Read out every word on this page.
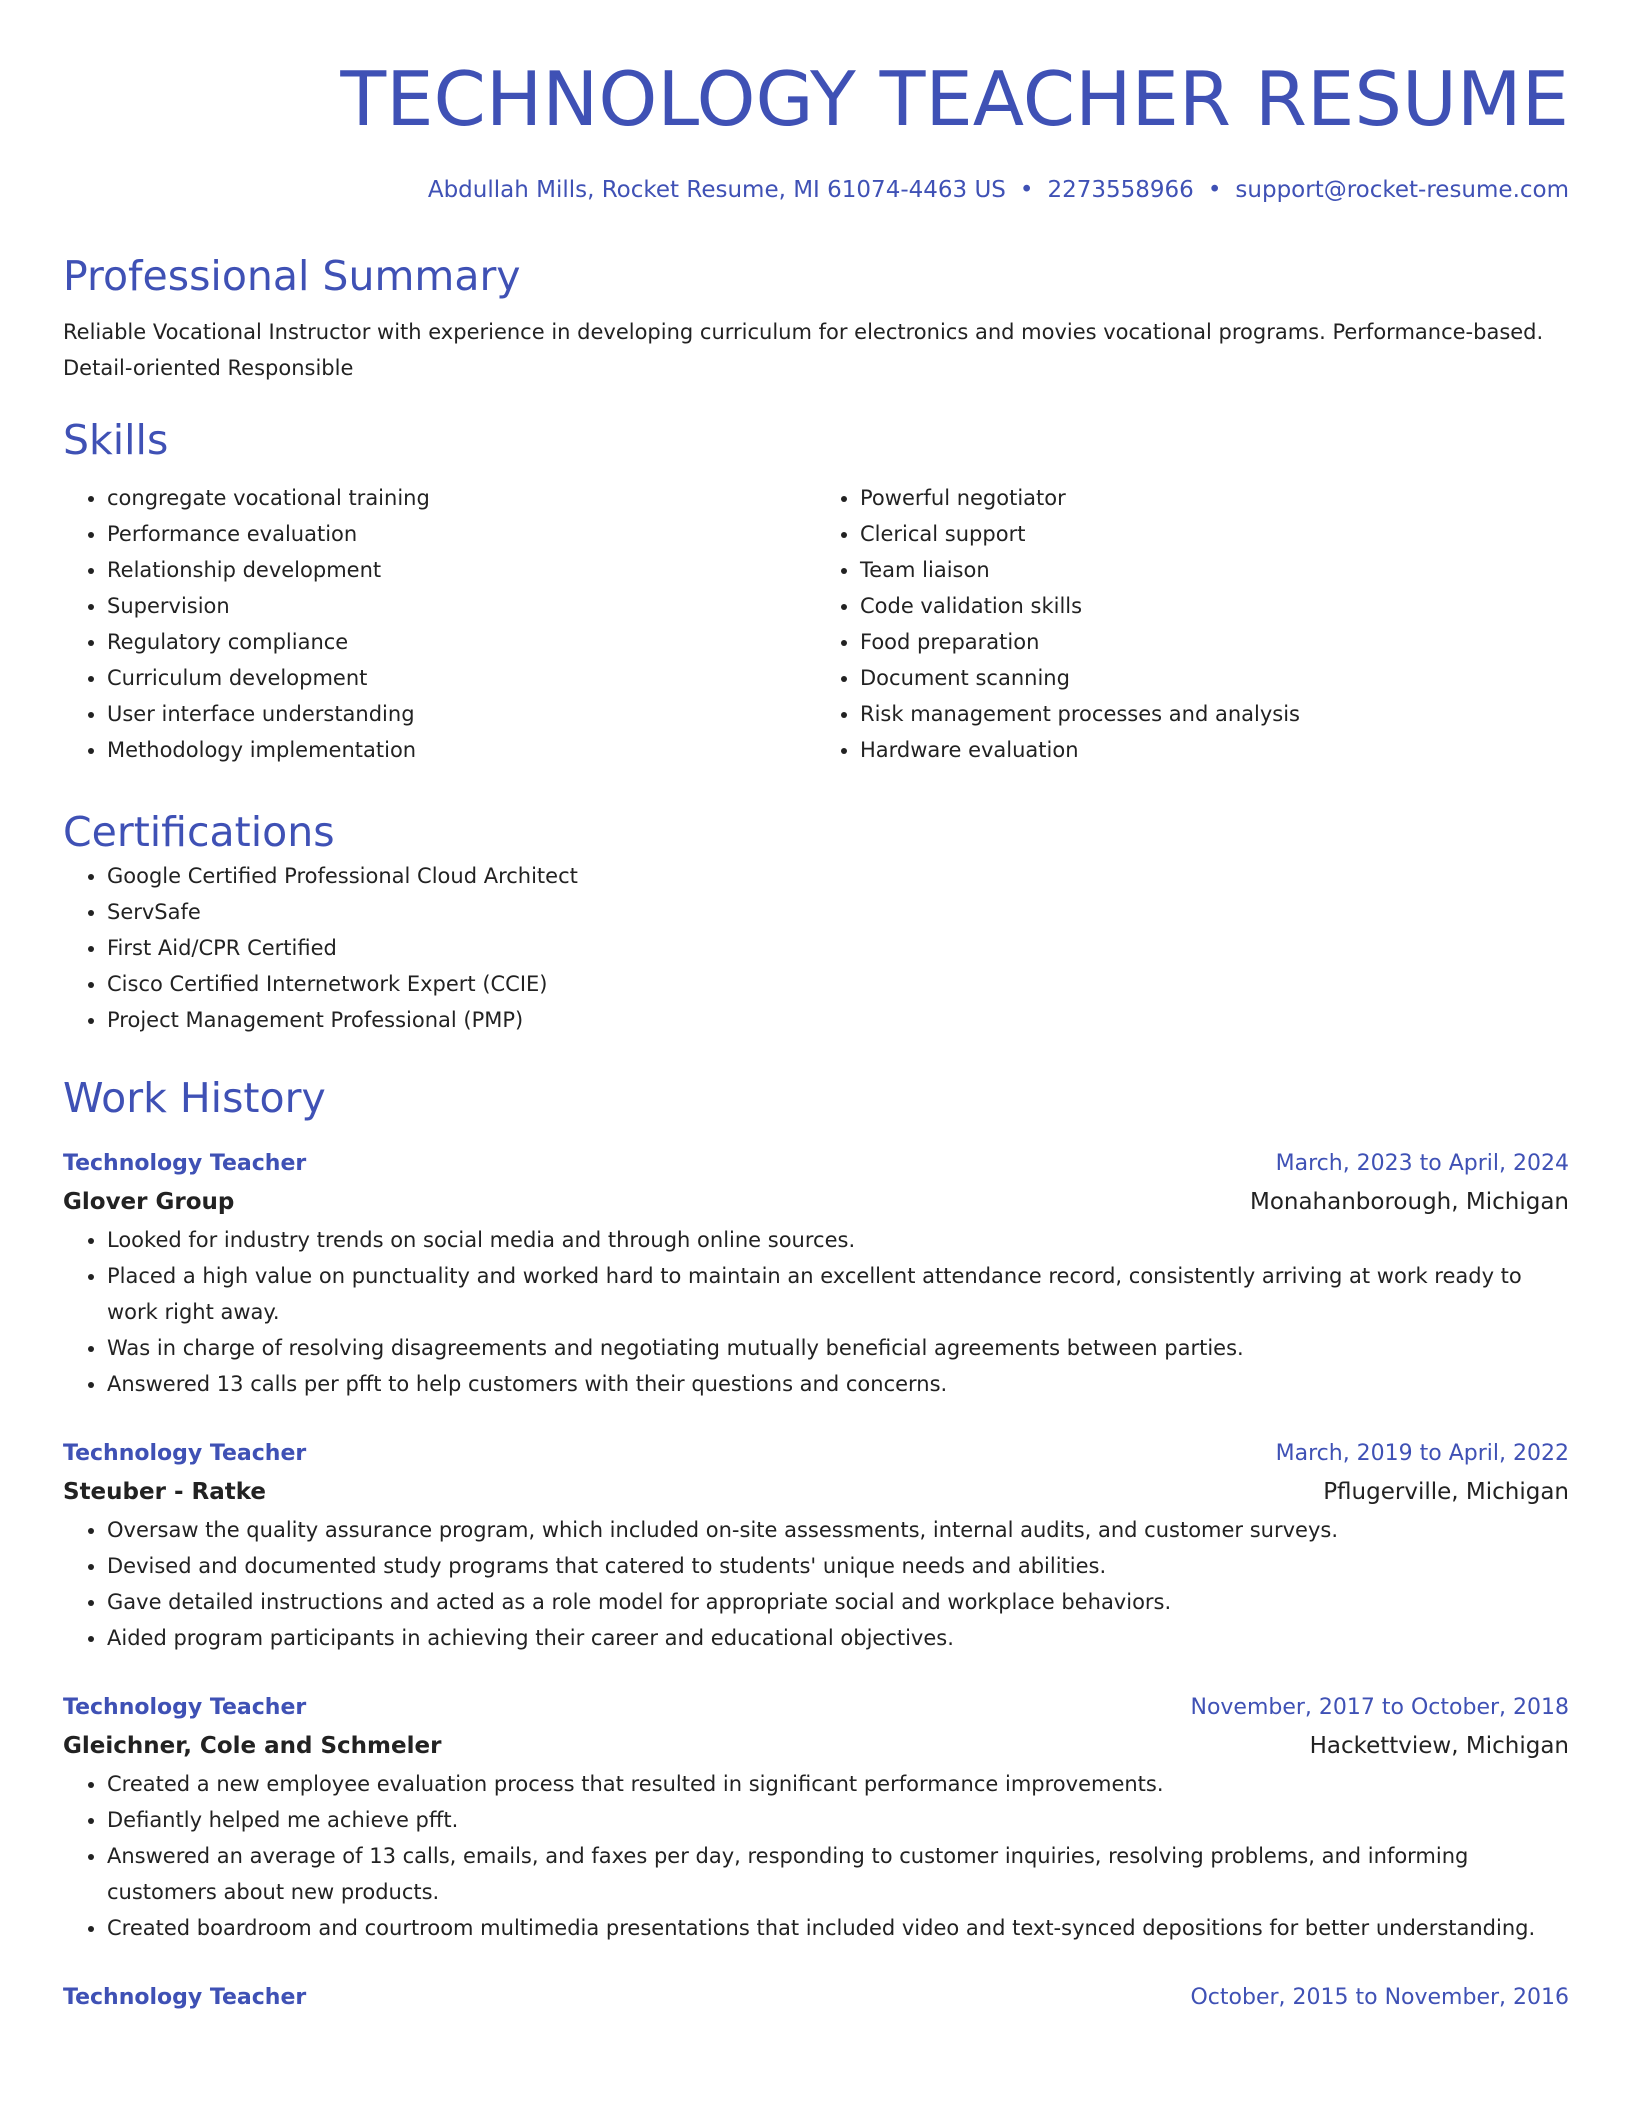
TECHNOLOGY TEACHER RESUME
Abdullah Mills, Rocket Resume, MI 61074-4463 US • 2273558966 • support@rocket-resume.com
Professional Summary

Reliable Vocational Instructor with experience in developing curriculum for electronics and movies vocational programs. Performance-based. Detail-oriented Responsible

Skills
• congregate vocational training
• Performance evaluation
• Relationship development
• Supervision
• Regulatory compliance
• Curriculum development
• User interface understanding
• Methodology implementation
• Powerful negotiator
• Clerical support
• Team liaison
• Code validation skills
• Food preparation
• Document scanning
• Risk management processes and analysis
• Hardware evaluation
Certifications
• Google Certified Professional Cloud Architect
• ServSafe
• First Aid/CPR Certified
• Cisco Certified Internetwork Expert (CCIE)
• Project Management Professional (PMP)
Work History
Technology Teacher	March, 2023 to April, 2024
Glover Group	Monahanborough, Michigan
• Looked for industry trends on social media and through online sources.
• Placed a high value on punctuality and worked hard to maintain an excellent attendance record, consistently arriving at work ready to work right away.
• Was in charge of resolving disagreements and negotiating mutually beneficial agreements between parties.
• Answered 13 calls per pfft to help customers with their questions and concerns.
Technology Teacher	March, 2019 to April, 2022
Steuber - Ratke	Pflugerville, Michigan
• Oversaw the quality assurance program, which included on-site assessments, internal audits, and customer surveys.
• Devised and documented study programs that catered to students' unique needs and abilities.
• Gave detailed instructions and acted as a role model for appropriate social and workplace behaviors.
• Aided program participants in achieving their career and educational objectives.
Technology Teacher	November, 2017 to October, 2018
Gleichner, Cole and Schmeler	Hackettview, Michigan
• Created a new employee evaluation process that resulted in significant performance improvements.
• Defiantly helped me achieve pfft.
• Answered an average of 13 calls, emails, and faxes per day, responding to customer inquiries, resolving problems, and informing customers about new products.
• Created boardroom and courtroom multimedia presentations that included video and text-synced depositions for better understanding.
Technology Teacher	October, 2015 to November, 2016
